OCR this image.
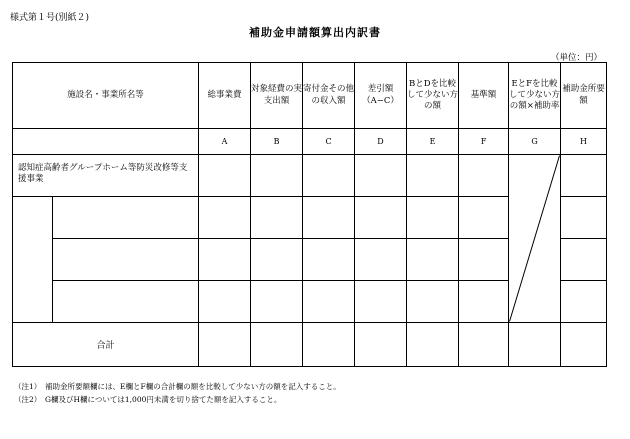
様式第１号(別紙２)
補助金申請額算出内訳書
（単位：円）
施設名・事業所名等		総事業費	対象経費の実支出額	寄付金その他の収入額	差引額（A−C）	BとDを比較して少ない方の額	基準額	EとFを比較して少ない方の額×補助率	補助金所要額
		A	B	C	D	E	F	G	H
認知症高齢者グループホーム等防災改修等支援事業									

合計									
（注1）　補助金所要額欄には、E欄とF欄の合計欄の額を比較して少ない方の額を記入すること。
（注2）　G欄及びH欄については1,000円未満を切り捨てた額を記入すること。
